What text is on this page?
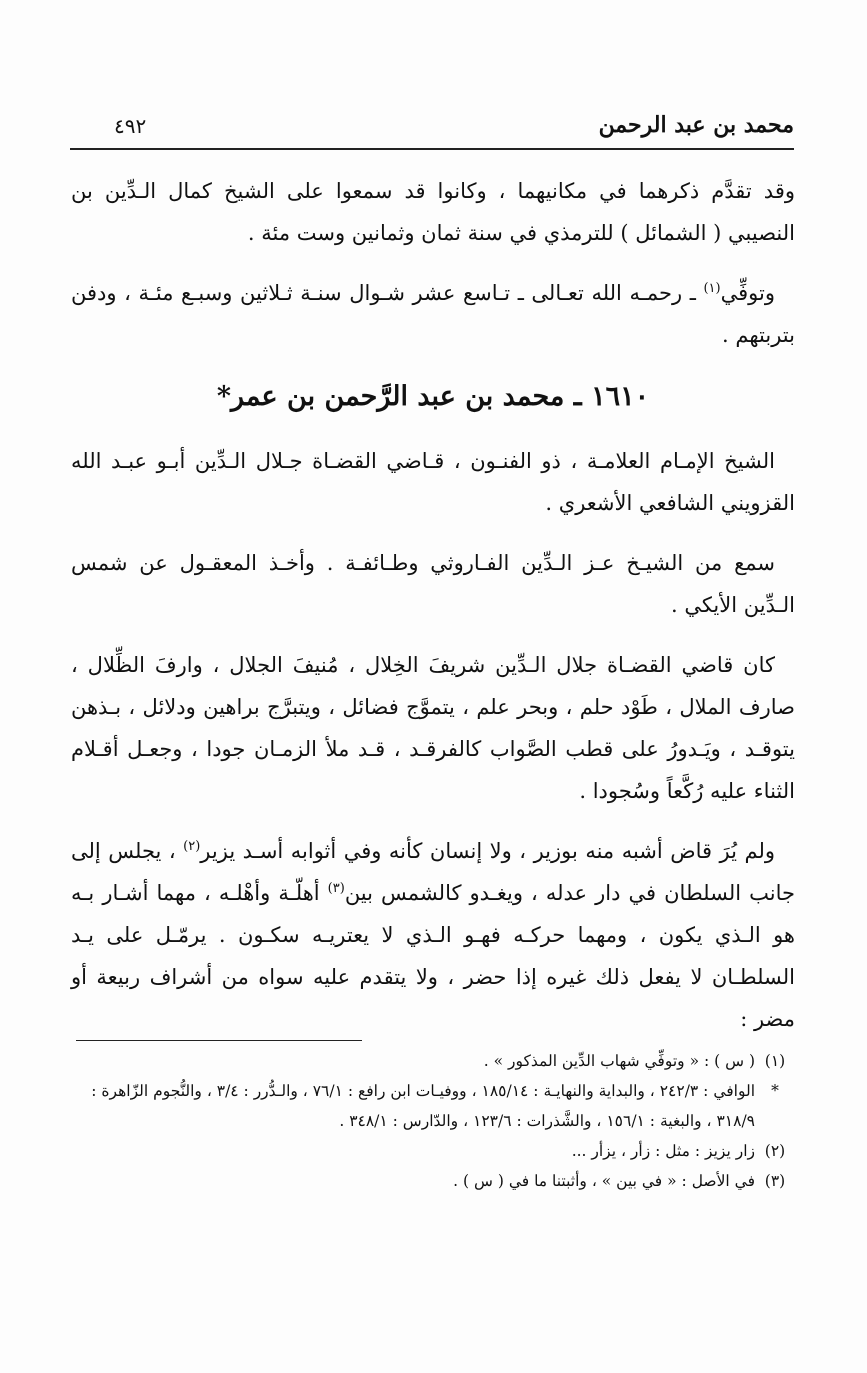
محمد بن عبد الرحمن
٤٩٢

وقد تقدَّم ذكرهما في مكانيهما ، وكانوا قد سمعوا على الشيخ كمال الـدِّين بن النصيبي ( الشمائل ) للترمذي في سنة ثمان وثمانين وست مئة .

وتوفِّي$^{(١)}$ ـ رحمـه الله تعـالى ـ تـاسع عشر شـوال سنـة ثـلاثين وسبـع مئـة ، ودفن بتربتهم .

١٦١٠ ـ محمد بن عبد الرَّحمن بن عمر*

الشيخ الإمـام العلامـة ، ذو الفنـون ، قـاضي القضـاة جـلال الـدِّين أبـو عبـد الله القزويني الشافعي الأشعري .

سمع من الشيـخ عـز الـدِّين الفـاروثي وطـائفـة . وأخـذ المعقـول عن شمس الـدِّين الأيكي .

كان قاضي القضـاة جلال الـدِّين شريفَ الخِلال ، مُنيفَ الجلال ، وارفَ الظِّلال ، صارف الملال ، طَوْد حلم ، وبحر علم ، يتموَّج فضائل ، ويتبرَّج براهين ودلائل ، بـذهن يتوقـد ، ويَـدورُ على قطب الصَّواب كالفرقـد ، قـد ملأ الزمـان جودا ، وجعـل أقـلام الثناء عليه رُكَّعاً وسُجودا .

ولم يُرَ قاض أشبه منه بوزير ، ولا إنسان كأنه وفي أثوابه أسـد يزير$^{(٢)}$ ، يجلس إلى جانب السلطان في دار عدله ، ويغـدو كالشمس بين$^{(٣)}$ أهلّـة وأهْلـه ، مهما أشـار بـه هو الـذي يكون ، ومهما حركـه فهـو الـذي لا يعتريـه سكـون . يرمّـل على يـد السلطـان لا يفعل ذلك غيره إذا حضر ، ولا يتقدم عليه سواه من أشراف ربيعة أو مضر :

(١)
( س ) : « وتوفِّي شهاب الدِّين المذكور » .
*
الوافي : ٢٤٢/٣ ، والبداية والنهايـة : ١٨٥/١٤ ، ووفيـات ابن رافع : ٧٦/١ ، والـدُّرر : ٣/٤ ، والنُّجوم الزّاهرة : ٣١٨/٩ ، والبغية : ١٥٦/١ ، والشَّذرات : ١٢٣/٦ ، والدّارس : ٣٤٨/١ .
(٢)
زار يزيز : مثل : زأر ، يزأر ...
(٣)
في الأصل : « في بين » ، وأثبتنا ما في ( س ) .
